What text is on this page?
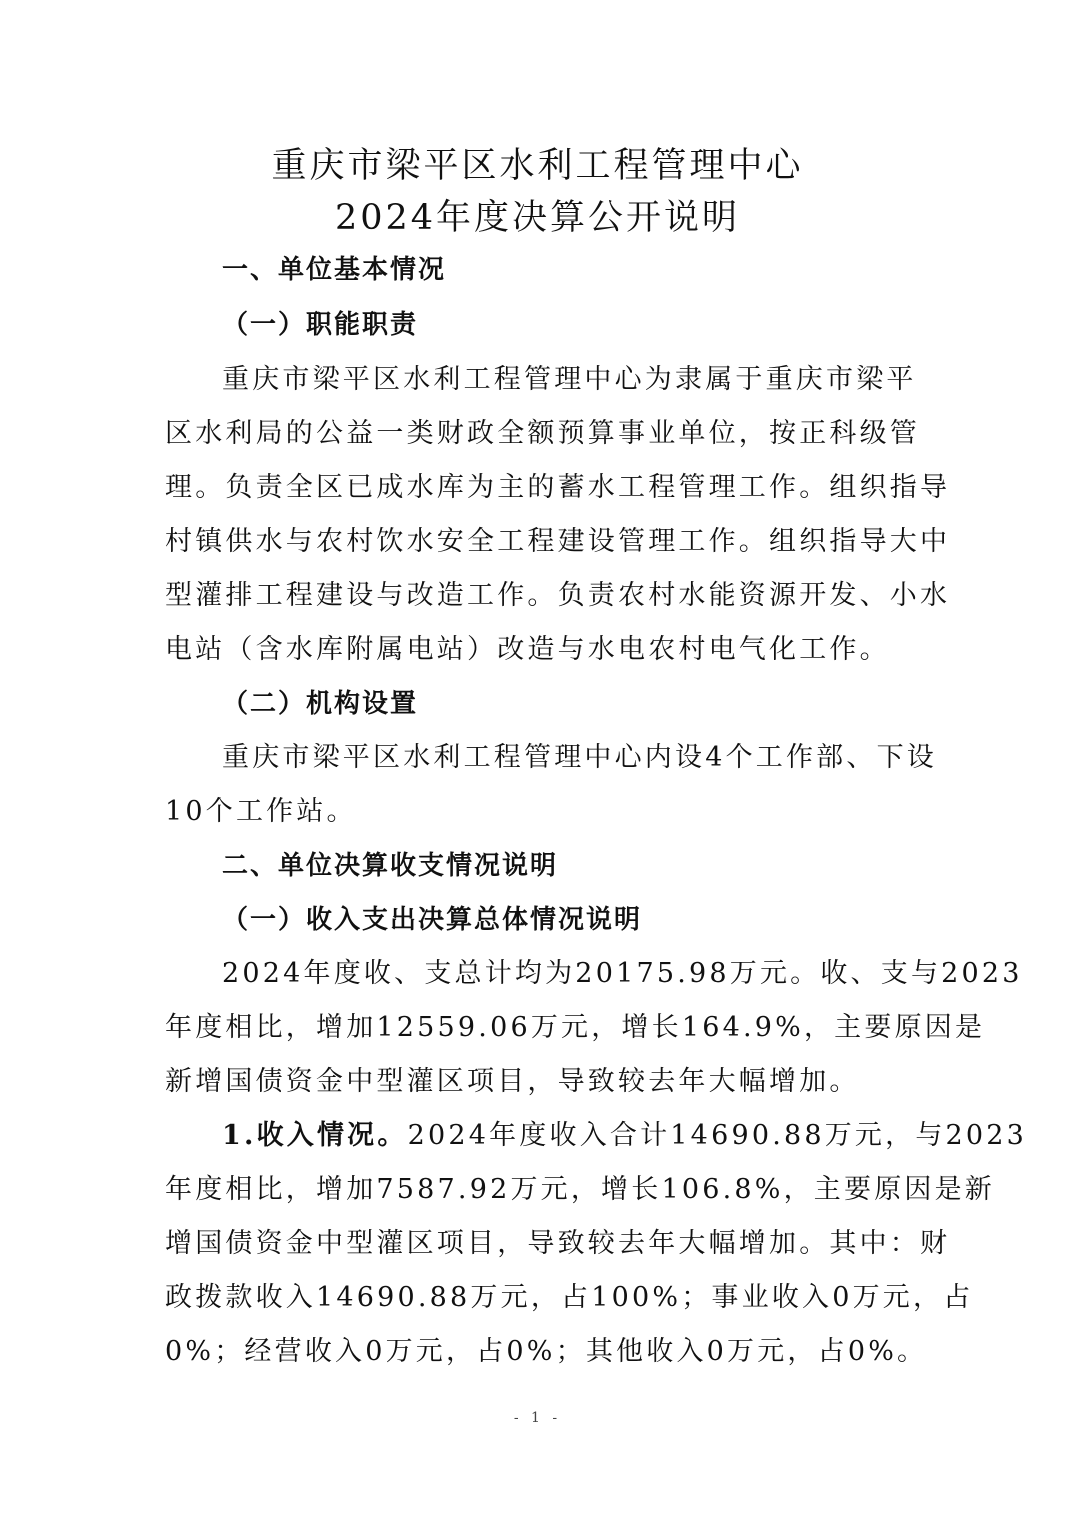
重庆市梁平区水利工程管理中心
2024年度决算公开说明
一、单位基本情况
（一）职能职责
重庆市梁平区水利工程管理中心为隶属于重庆市梁平
区水利局的公益一类财政全额预算事业单位，按正科级管
理。负责全区已成水库为主的蓄水工程管理工作。组织指导
村镇供水与农村饮水安全工程建设管理工作。组织指导大中
型灌排工程建设与改造工作。负责农村水能资源开发、小水
电站（含水库附属电站）改造与水电农村电气化工作。
（二）机构设置
重庆市梁平区水利工程管理中心内设4个工作部、下设
10个工作站。
二、单位决算收支情况说明
（一）收入支出决算总体情况说明
2024年度收、支总计均为20175.98万元。收、支与2023
年度相比，增加12559.06万元，增长164.9%，主要原因是
新增国债资金中型灌区项目，导致较去年大幅增加。
1.收入情况。2024年度收入合计14690.88万元，与2023
年度相比，增加7587.92万元，增长106.8%，主要原因是新
增国债资金中型灌区项目，导致较去年大幅增加。其中：财
政拨款收入14690.88万元，占100%；事业收入0万元，占
0%；经营收入0万元，占0%；其他收入0万元，占0%。
- 1 -
